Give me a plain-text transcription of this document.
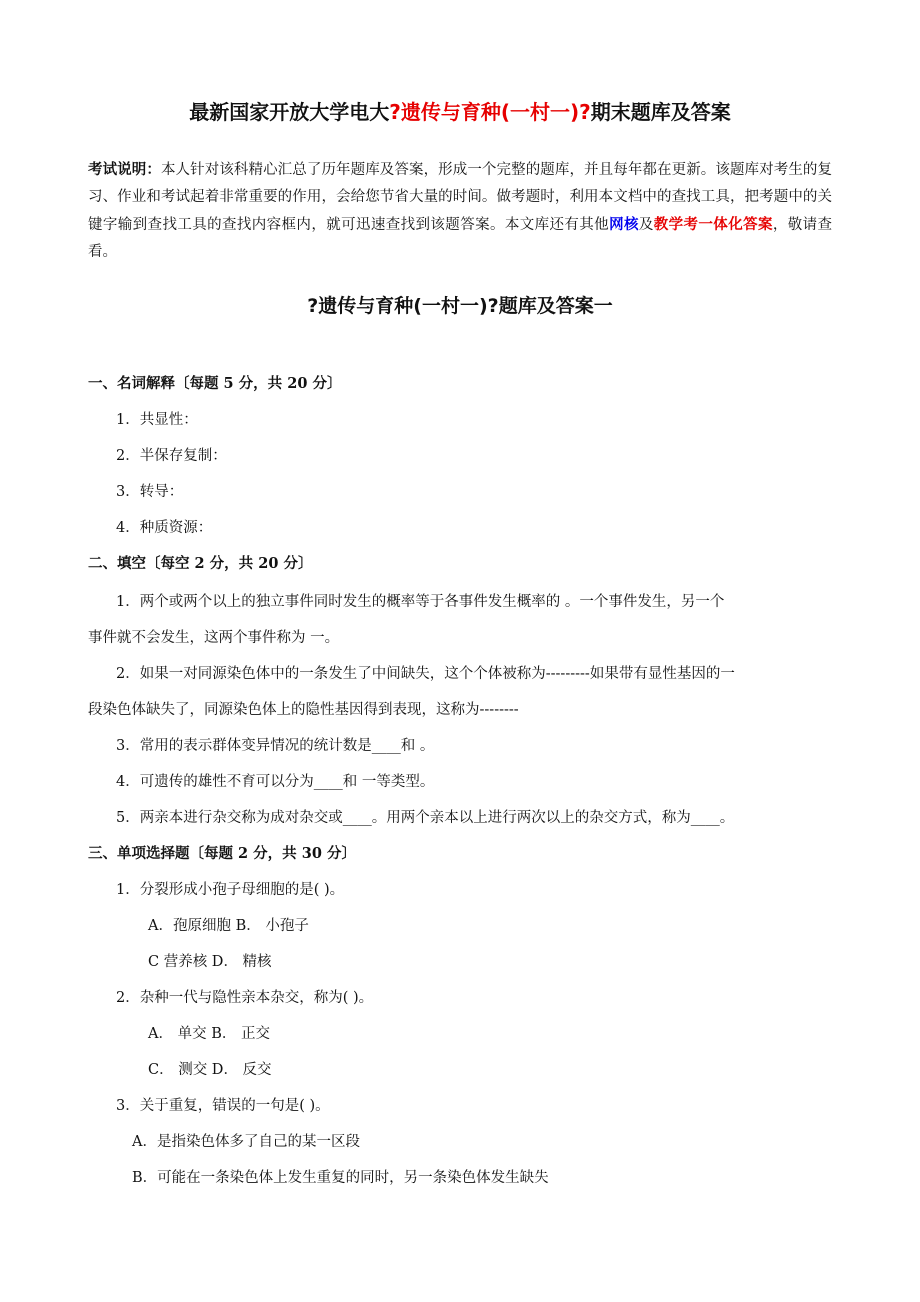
最新国家开放大学电大?遗传与育种(一村一)?期末题库及答案
考试说明：本人针对该科精心汇总了历年题库及答案，形成一个完整的题库，并且每年都在更新。该题库对考生的复习、作业和考试起着非常重要的作用，会给您节省大量的时间。做考题时，利用本文档中的查找工具，把考题中的关键字输到查找工具的查找内容框内，就可迅速查找到该题答案。本文库还有其他网核及教学考一体化答案，敬请查看。
?遗传与育种(一村一)?题库及答案一
一、名词解释〔每题 5 分，共 20 分〕
1．共显性：
2．半保存复制：
3．转导：
4．种质资源：
二、填空〔每空 2 分，共 20 分〕
1．两个或两个以上的独立事件同时发生的概率等于各事件发生概率的 。一个事件发生，另一个
事件就不会发生，这两个事件称为 一。
2．如果一对同源染色体中的一条发生了中间缺失，这个个体被称为---------如果带有显性基因的一
段染色体缺失了，同源染色体上的隐性基因得到表现，这称为--------
3．常用的表示群体变异情况的统计数是____和 。
4．可遗传的雄性不育可以分为____和 一等类型。
5．两亲本进行杂交称为成对杂交或____。用两个亲本以上进行两次以上的杂交方式，称为____。
三、单项选择题〔每题 2 分，共 30 分〕
1．分裂形成小孢子母细胞的是( )。
A．孢原细胞 B． 小孢子
C 营养核 D． 精核
2．杂种一代与隐性亲本杂交，称为( )。
A． 单交 B． 正交
C． 测交 D． 反交
3．关于重复，错误的一句是( )。
A．是指染色体多了自己的某一区段
B．可能在一条染色体上发生重复的同时，另一条染色体发生缺失
